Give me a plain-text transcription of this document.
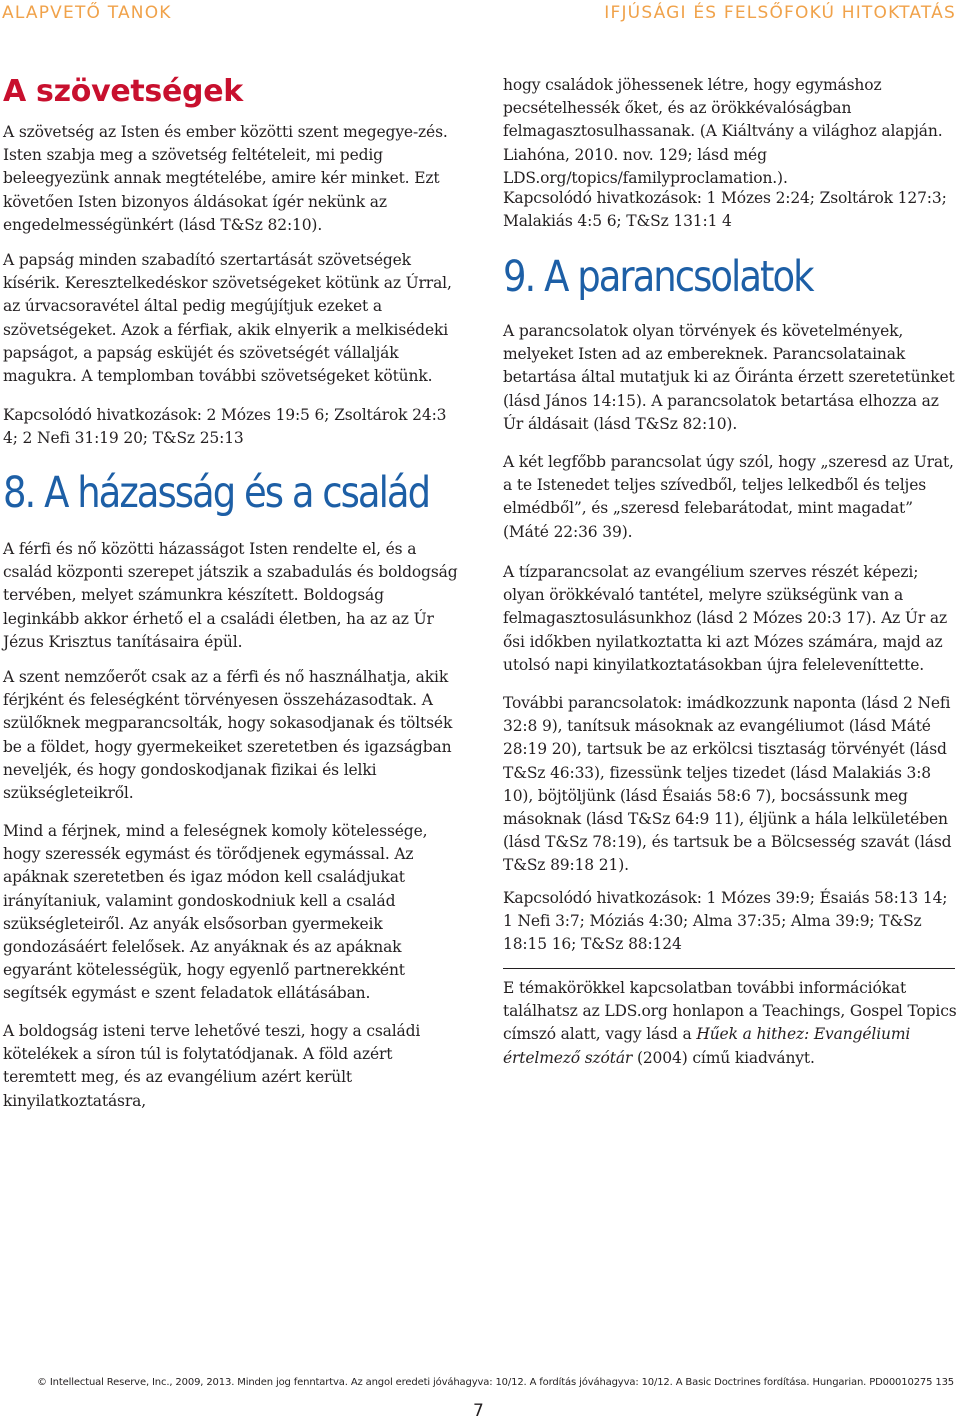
ALAPVETŐ TANOK	IFJÚSÁGI ÉS FELSŐFOKÚ HITOKTATÁS
A szövetségek

A szövetség az Isten és ember közötti szent megegye-zés. Isten szabja meg a szövetség feltételeit, mi pedig beleegyezünk annak megtételébe, amire kér minket. Ezt követően Isten bizonyos áldásokat ígér nekünk az engedelmességünkért (lásd T&Sz 82:10).

A papság minden szabadító szertartását szövetségek kísérik. Keresztelkedéskor szövetségeket kötünk az Úrral, az úrvacsoravétel által pedig megújítjuk ezeket a szövetségeket. Azok a férfiak, akik elnyerik a melkisédeki papságot, a papság esküjét és szövetségét vállalják magukra. A templomban további szövetségeket kötünk.

Kapcsolódó hivatkozások: 2 Mózes 19:5 6; Zsoltárok 24:3 4; 2 Nefi 31:19 20; T&Sz 25:13

8. A házasság és a család

A férfi és nő közötti házasságot Isten rendelte el, és a család központi szerepet játszik a szabadulás és boldogság tervében, melyet számunkra készített. Boldogság leginkább akkor érhető el a családi életben, ha az az Úr Jézus Krisztus tanításaira épül.

A szent nemzőerőt csak az a férfi és nő használhatja, akik férjként és feleségként törvényesen összeházasodtak. A szülőknek megparancsolták, hogy sokasodjanak és töltsék be a földet, hogy gyermekeiket szeretetben és igazságban neveljék, és hogy gondoskodjanak fizikai és lelki szükségleteikről.

Mind a férjnek, mind a feleségnek komoly kötelessége, hogy szeressék egymást és törődjenek egymással. Az apáknak szeretetben és igaz módon kell családjukat irányítaniuk, valamint gondoskodniuk kell a család szükségleteiről. Az anyák elsősorban gyermekeik gondozásáért felelősek. Az anyáknak és az apáknak egyaránt kötelességük, hogy egyenlő partnerekként segítsék egymást e szent feladatok ellátásában.

A boldogság isteni terve lehetővé teszi, hogy a családi kötelékek a síron túl is folytatódjanak. A föld azért teremtett meg, és az evangélium azért került kinyilatkoztatásra,

hogy családok jöhessenek létre, hogy egymáshoz pecsételhessék őket, és az örökkévalóságban felmagasztosulhassanak. (A Kiáltvány a világhoz alapján. Liahóna, 2010. nov. 129; lásd még LDS.org/topics/familyproclamation.).

Kapcsolódó hivatkozások: 1 Mózes 2:24; Zsoltárok 127:3; Malakiás 4:5 6; T&Sz 131:1 4

9. A parancsolatok

A parancsolatok olyan törvények és követelmények, melyeket Isten ad az embereknek. Parancsolatainak betartása által mutatjuk ki az Őiránta érzett szeretetünket (lásd János 14:15). A parancsolatok betartása elhozza az Úr áldásait (lásd T&Sz 82:10).

A két legfőbb parancsolat úgy szól, hogy „szeresd az Urat, a te Istenedet teljes szívedből, teljes lelkedből és teljes elmédből”, és „szeresd felebarátodat, mint magadat” (Máté 22:36 39).

A tízparancsolat az evangélium szerves részét képezi; olyan örökkévaló tantétel, melyre szükségünk van a felmagasztosulásunkhoz (lásd 2 Mózes 20:3 17). Az Úr az ősi időkben nyilatkoztatta ki azt Mózes számára, majd az utolsó napi kinyilatkoztatásokban újra feleleveníttette.

További parancsolatok: imádkozzunk naponta (lásd 2 Nefi 32:8 9), tanítsuk másoknak az evangéliumot (lásd Máté 28:19 20), tartsuk be az erkölcsi tisztaság törvényét (lásd T&Sz 46:33), fizessünk teljes tizedet (lásd Malakiás 3:8 10), böjtöljünk (lásd Ésaiás 58:6 7), bocsássunk meg másoknak (lásd T&Sz 64:9 11), éljünk a hála lelkületében (lásd T&Sz 78:19), és tartsuk be a Bölcsesség szavát (lásd T&Sz 89:18 21).

Kapcsolódó hivatkozások: 1 Mózes 39:9; Ésaiás 58:13 14; 1 Nefi 3:7; Móziás 4:30; Alma 37:35; Alma 39:9; T&Sz 18:15 16; T&Sz 88:124

E témakörökkel kapcsolatban további információkat találhatsz az LDS.org honlapon a Teachings, Gospel Topics címszó alatt, vagy lásd a Hűek a hithez: Evangéliumi értelmező szótár (2004) című kiadványt.

© Intellectual Reserve, Inc., 2009, 2013. Minden jog fenntartva. Az angol eredeti jóváhagyva: 10/12. A fordítás jóváhagyva: 10/12. A Basic Doctrines fordítása. Hungarian. PD00010275 135
7
